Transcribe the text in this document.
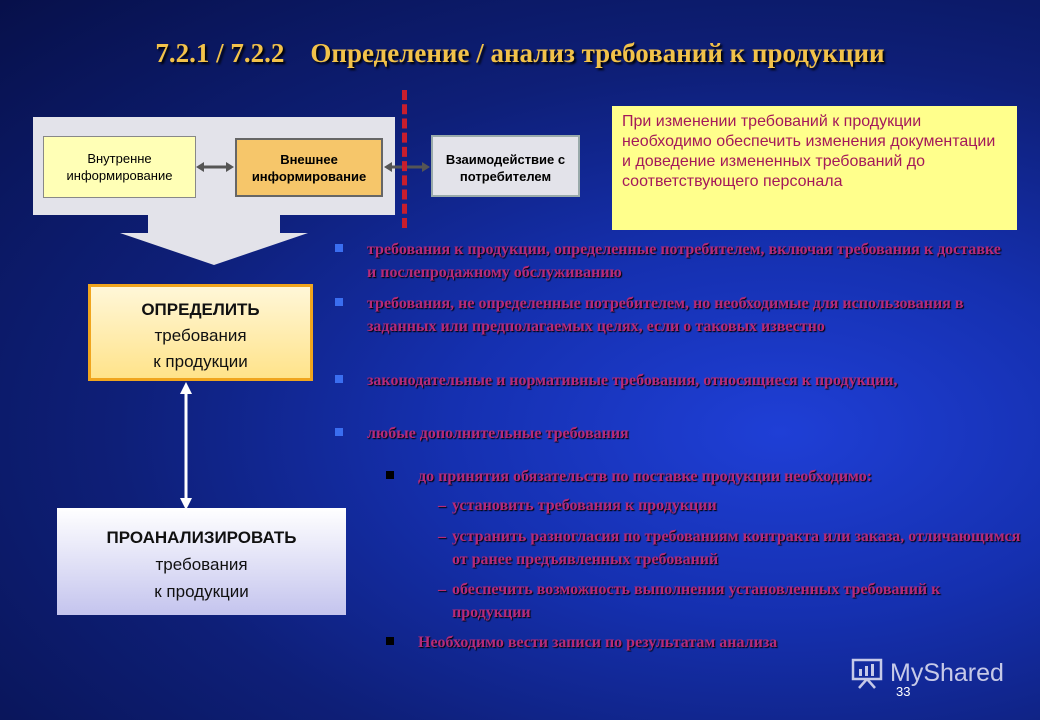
7.2.1 / 7.2.2 Определение / анализ требований к продукции
Внутренне информирование
Внешнее информирование
Взаимодействие с потребителем
При изменении требований к продукции необходимо обеспечить изменения документации и доведение измененных требований до соответствующего персонала
ОПРЕДЕЛИТЬ
требования
к продукции
ПРОАНАЛИЗИРОВАТЬ
требования
к продукции
требования к продукции, определенные потребителем, включая требования к доставке и послепродажному обслуживанию
требования, не определенные потребителем, но необходимые для использования в заданных или предполагаемых целях, если о таковых известно
законодательные и нормативные требования, относящиеся к продукции,
любые дополнительные требования
до принятия обязательств по поставке продукции необходимо:
– установить требования к продукции
– устранить разногласия по требованиям контракта или заказа, отличающимся от ранее предъявленных требований
– обеспечить возможность выполнения установленных требований к продукции
Необходимо вести записи по результатам анализа
MyShared
33
